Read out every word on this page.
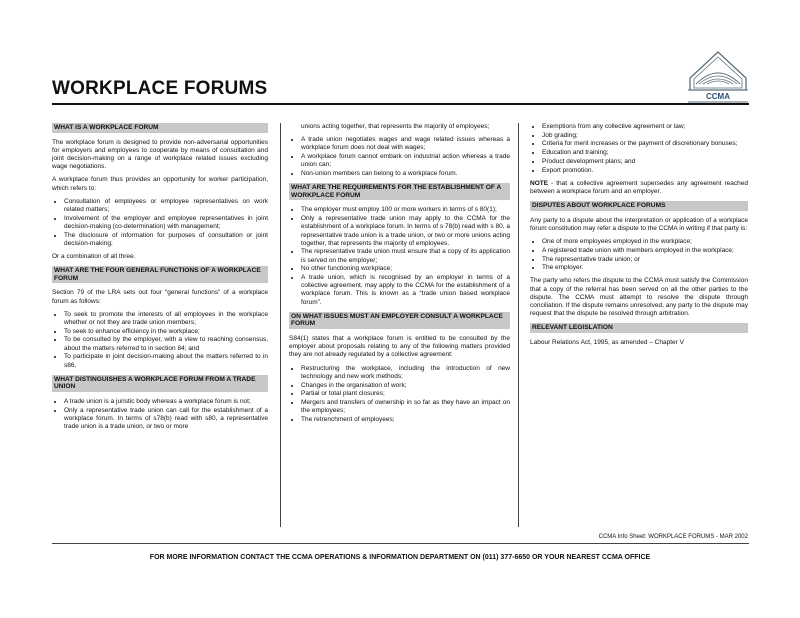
WORKPLACE FORUMS	CCMA
WHAT IS A WORKPLACE FORUM

The workplace forum is designed to provide non-adversarial opportunities for employers and employees to cooperate by means of consultation and joint decision-making on a range of workplace related issues excluding wage negotiations.

A workplace forum thus provides an opportunity for worker participation, which refers to:

• Consultation of employees or employee representatives on work related matters;
• Involvement of the employer and employee representatives in joint decision-making (co-determination) with management;
• The disclosure of information for purposes of consultation or joint decision-making;

Or a combination of all three.

WHAT ARE THE FOUR GENERAL FUNCTIONS OF A WORKPLACE FORUM

Section 79 of the LRA sets out four “general functions” of a workplace forum as follows:

• To seek to promote the interests of all employees in the workplace whether or not they are trade union members;
• To seek to enhance efficiency in the workplace;
• To be consulted by the employer, with a view to reaching consensus, about the matters referred to in section 84; and
• To participate in joint decision-making about the matters referred to in s86.
WHAT DISTINGUISHES A WORKPLACE FORUM FROM A TRADE UNION
• A trade union is a juristic body whereas a workplace forum is not;
• Only a representative trade union can call for the establishment of a workplace forum. In terms of s78(b) read with s80, a representative trade union is a trade union, or two or more

unions acting together, that represents the majority of employees;

• A trade union negotiates wages and wage related issues whereas a workplace forum does not deal with wages;
• A workplace forum cannot embark on industrial action whereas a trade union can;
• Non-union members can belong to a workplace forum.
WHAT ARE THE REQUIREMENTS FOR THE ESTABLISHMENT OF A WORKPLACE FORUM
• The employer must employ 100 or more workers in terms of s 80(1);
• Only a representative trade union may apply to the CCMA for the establishment of a workplace forum. In terms of s 78(b) read with s 80, a representative trade union is a trade union, or two or more unions acting together, that represents the majority of employees.
• The representative trade union must ensure that a copy of its application is served on the employer;
• No other functioning workplace;
• A trade union, which is recognised by an employer in terms of a collective agreement, may apply to the CCMA for the establishment of a workplace forum. This is known as a “trade union based workplace forum”.
ON WHAT ISSUES MUST AN EMPLOYER CONSULT A WORKPLACE FORUM

S84(1) states that a workplace forum is entitled to be consulted by the employer about proposals relating to any of the following matters provided they are not already regulated by a collective agreement:

• Restructuring the workplace, including the introduction of new technology and new work methods;
• Changes in the organisation of work;
• Partial or total plant closures;
• Mergers and transfers of ownership in so far as they have an impact on the employees;
• The retrenchment of employees;
• Exemptions from any collective agreement or law;
• Job grading;
• Criteria for merit increases or the payment of discretionary bonuses;
• Education and training;
• Product development plans; and
• Export promotion.

NOTE - that a collective agreement supersedes any agreement reached between a workplace forum and an employer.

DISPUTES ABOUT WORKPLACE FORUMS

Any party to a dispute about the interpretation or application of a workplace forum constitution may refer a dispute to the CCMA in writing if that party is:

• One of more employees employed in the workplace;
• A registered trade union with members employed in the workplace;
• The representative trade union; or
• The employer.

The party who refers the dispute to the CCMA must satisfy the Commission that a copy of the referral has been served on all the other parties to the dispute. The CCMA must attempt to resolve the dispute through conciliation. If the dispute remains unresolved, any party to the dispute may request that the dispute be resolved through arbitration.

RELEVANT LEGISLATION

Labour Relations Act, 1995, as amended – Chapter V

CCMA Info Sheet: WORKPLACE FORUMS - MAR 2002
FOR MORE INFORMATION CONTACT THE CCMA OPERATIONS & INFORMATION DEPARTMENT ON (011) 377-6650 OR YOUR NEAREST CCMA OFFICE
